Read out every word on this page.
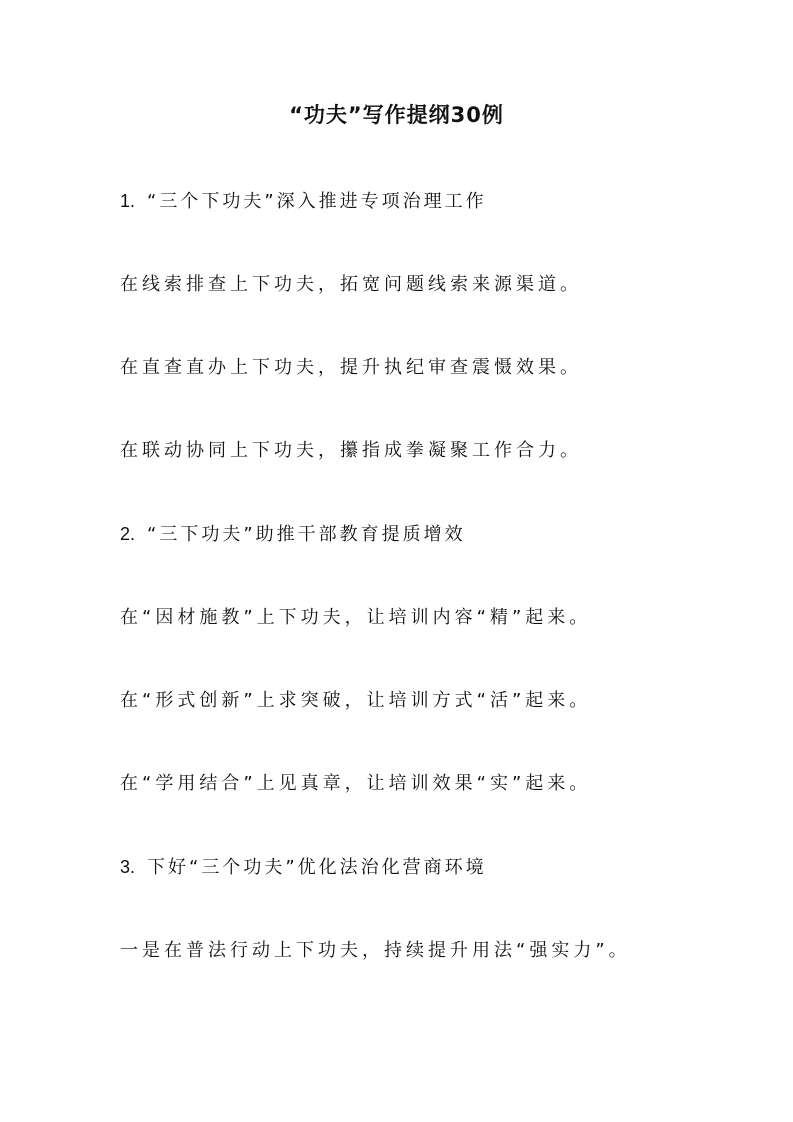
“功夫”写作提纲30例
1. “三个下功夫”深入推进专项治理工作
在线索排查上下功夫，拓宽问题线索来源渠道。
在直查直办上下功夫，提升执纪审查震慑效果。
在联动协同上下功夫，攥指成拳凝聚工作合力。
2. “三下功夫”助推干部教育提质增效
在“因材施教”上下功夫，让培训内容“精”起来。
在“形式创新”上求突破，让培训方式“活”起来。
在“学用结合”上见真章，让培训效果“实”起来。
3. 下好“三个功夫”优化法治化营商环境
一是在普法行动上下功夫，持续提升用法“强实力”。
